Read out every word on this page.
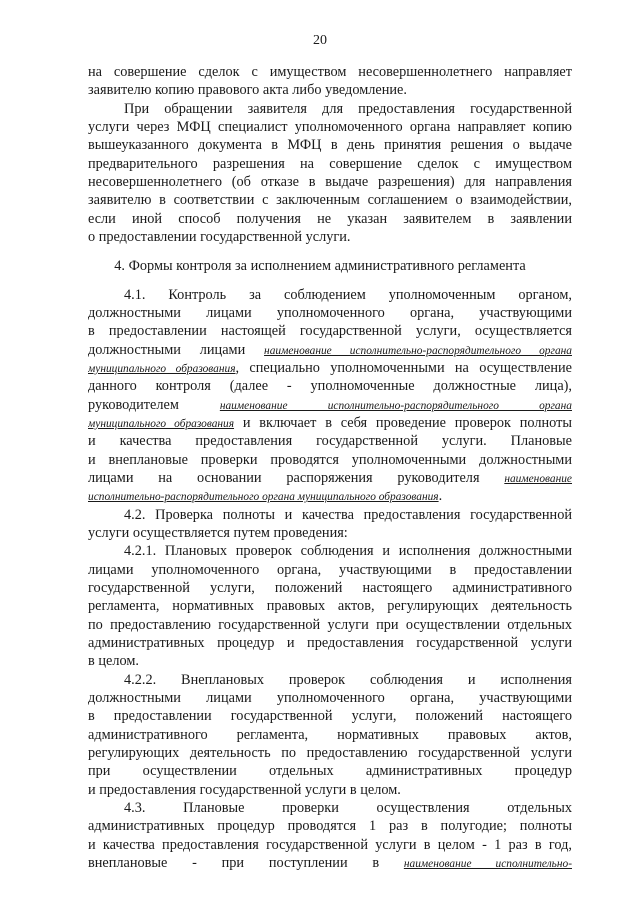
20
на совершение сделок с имуществом несовершеннолетнего направляет
заявителю копию правового акта либо уведомление.
При обращении заявителя для предоставления государственной
услуги через МФЦ специалист уполномоченного органа направляет копию
вышеуказанного документа в МФЦ в день принятия решения о выдаче
предварительного разрешения на совершение сделок с имуществом
несовершеннолетнего (об отказе в выдаче разрешения) для направления
заявителю в соответствии с заключенным соглашением о взаимодействии,
если иной способ получения не указан заявителем в заявлении
о предоставлении государственной услуги.
4. Формы контроля за исполнением административного регламента
4.1. Контроль за соблюдением уполномоченным органом,
должностными лицами уполномоченного органа, участвующими
в предоставлении настоящей государственной услуги, осуществляется
должностными лицами наименование исполнительно-распорядительного органа
муниципального образования, специально уполномоченными на осуществление
данного контроля (далее - уполномоченные должностные лица),
руководителем наименование исполнительно-распорядительного органа
муниципального образования и включает в себя проведение проверок полноты
и качества предоставления государственной услуги. Плановые
и внеплановые проверки проводятся уполномоченными должностными
лицами на основании распоряжения руководителя наименование
исполнительно-распорядительного органа муниципального образования.
4.2. Проверка полноты и качества предоставления государственной
услуги осуществляется путем проведения:
4.2.1. Плановых проверок соблюдения и исполнения должностными
лицами уполномоченного органа, участвующими в предоставлении
государственной услуги, положений настоящего административного
регламента, нормативных правовых актов, регулирующих деятельность
по предоставлению государственной услуги при осуществлении отдельных
административных процедур и предоставления государственной услуги
в целом.
4.2.2. Внеплановых проверок соблюдения и исполнения
должностными лицами уполномоченного органа, участвующими
в предоставлении государственной услуги, положений настоящего
административного регламента, нормативных правовых актов,
регулирующих деятельность по предоставлению государственной услуги
при осуществлении отдельных административных процедур
и предоставления государственной услуги в целом.
4.3. Плановые проверки осуществления отдельных
административных процедур проводятся 1 раз в полугодие; полноты
и качества предоставления государственной услуги в целом - 1 раз в год,
внеплановые - при поступлении в наименование исполнительно-
